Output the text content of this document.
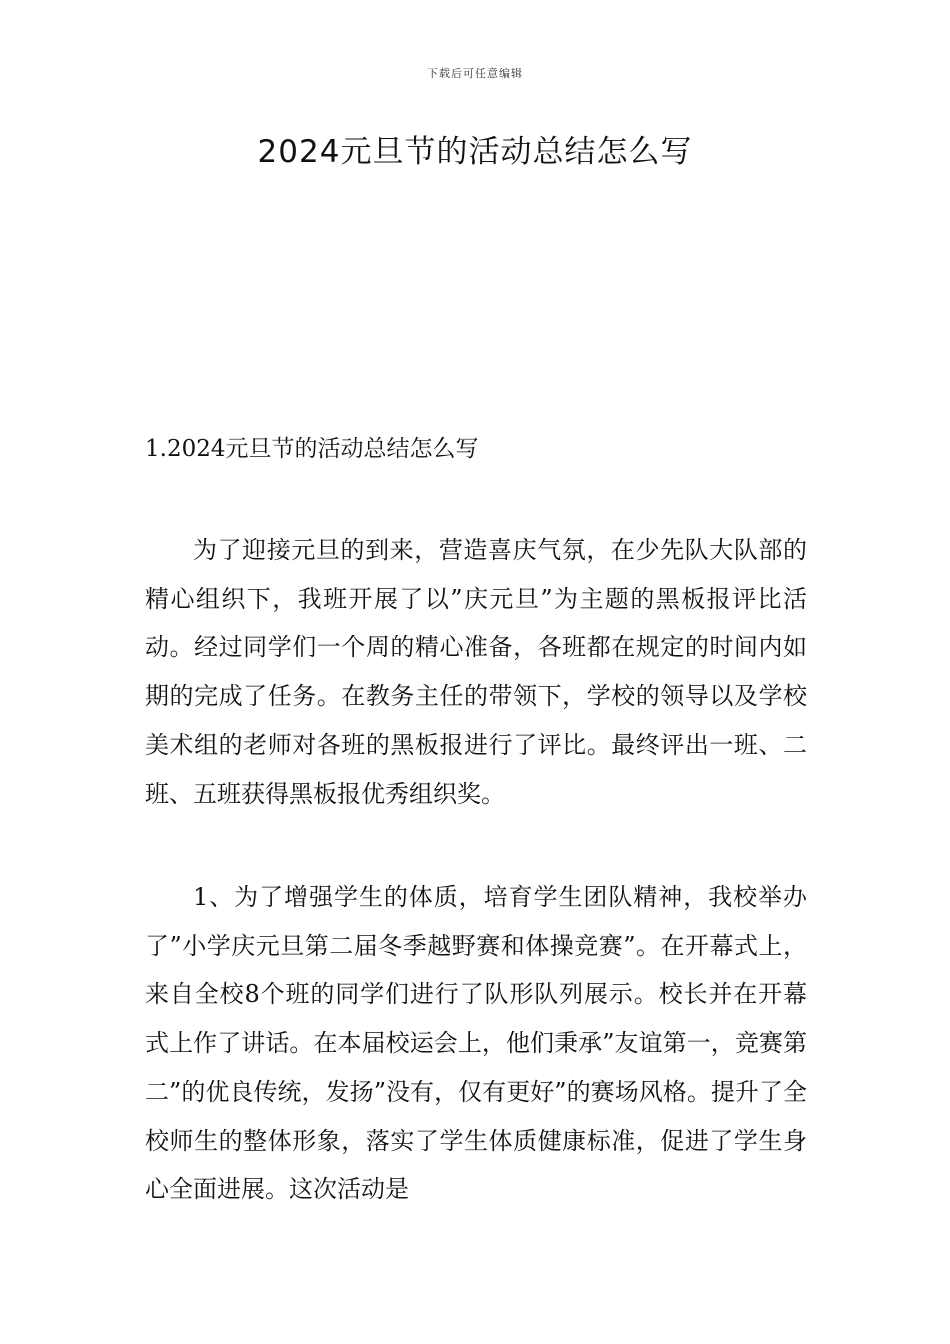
下载后可任意编辑
2024元旦节的活动总结怎么写
1.2024元旦节的活动总结怎么写

为了迎接元旦的到来，营造喜庆气氛，在少先队大队部的精心组织下，我班开展了以”庆元旦”为主题的黑板报评比活动。经过同学们一个周的精心准备，各班都在规定的时间内如期的完成了任务。在教务主任的带领下，学校的领导以及学校美术组的老师对各班的黑板报进行了评比。最终评出一班、二班、五班获得黑板报优秀组织奖。

1、为了增强学生的体质，培育学生团队精神，我校举办了”小学庆元旦第二届冬季越野赛和体操竞赛”。在开幕式上，来自全校8个班的同学们进行了队形队列展示。校长并在开幕式上作了讲话。在本届校运会上，他们秉承”友谊第一，竞赛第二”的优良传统，发扬”没有，仅有更好”的赛场风格。提升了全校师生的整体形象，落实了学生体质健康标准，促进了学生身心全面进展。这次活动是
